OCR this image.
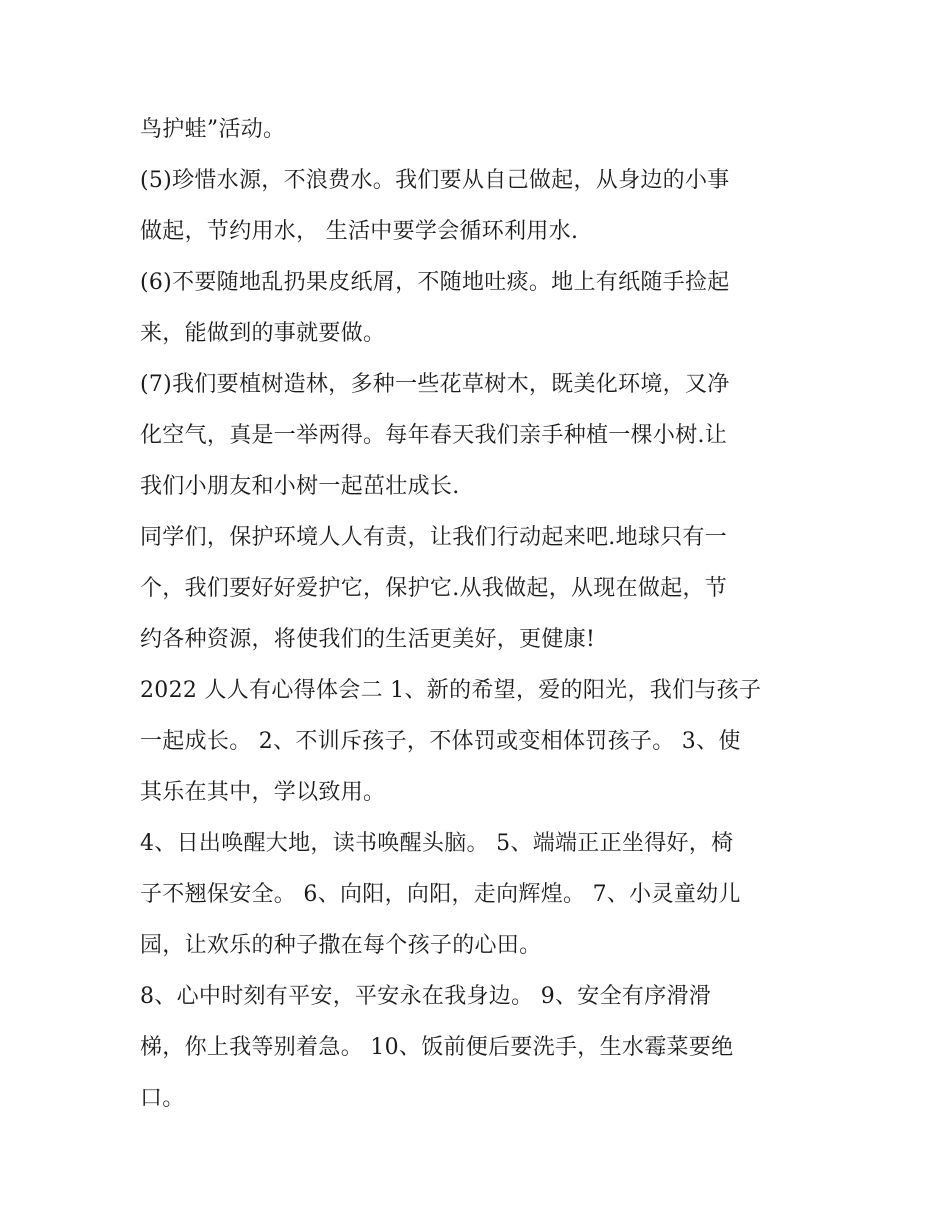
鸟护蛙”活动。
(5)珍惜水源，不浪费水。我们要从自己做起，从身边的小事
做起，节约用水， 生活中要学会循环利用水.
(6)不要随地乱扔果皮纸屑，不随地吐痰。地上有纸随手捡起
来，能做到的事就要做。
(7)我们要植树造林，多种一些花草树木，既美化环境，又净
化空气，真是一举两得。每年春天我们亲手种植一棵小树.让
我们小朋友和小树一起茁壮成长.
同学们，保护环境人人有责，让我们行动起来吧.地球只有一
个，我们要好好爱护它，保护它.从我做起，从现在做起，节
约各种资源，将使我们的生活更美好，更健康!
2022 人人有心得体会二 1、新的希望，爱的阳光，我们与孩子
一起成长。 2、不训斥孩子，不体罚或变相体罚孩子。 3、使
其乐在其中，学以致用。
4、日出唤醒大地，读书唤醒头脑。 5、端端正正坐得好，椅
子不翘保安全。 6、向阳，向阳，走向辉煌。 7、小灵童幼儿
园，让欢乐的种子撒在每个孩子的心田。
8、心中时刻有平安，平安永在我身边。 9、安全有序滑滑
梯，你上我等别着急。 10、饭前便后要洗手，生水霉菜要绝
口。
